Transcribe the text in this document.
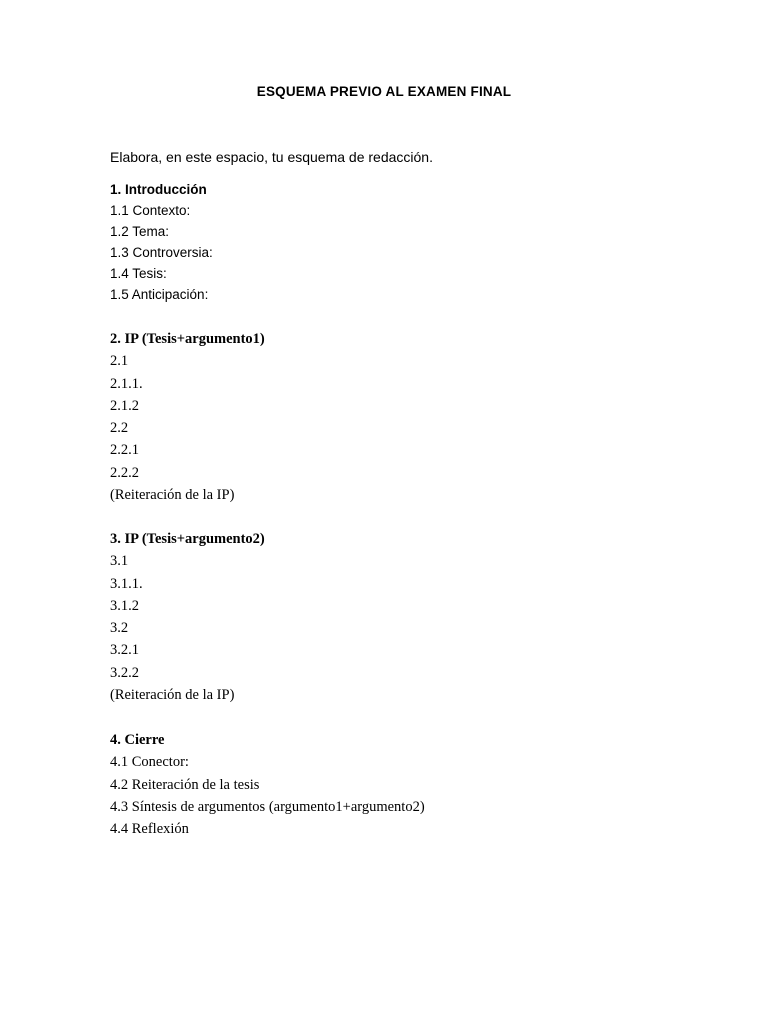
ESQUEMA PREVIO AL EXAMEN FINAL

Elabora, en este espacio, tu esquema de redacción.

1. Introducción
1.1 Contexto:
1.2 Tema:
1.3 Controversia:
1.4 Tesis:
1.5 Anticipación:
2. IP (Tesis+argumento1)
2.1
2.1.1.
2.1.2
2.2
2.2.1
2.2.2
(Reiteración de la IP)
3. IP (Tesis+argumento2)
3.1
3.1.1.
3.1.2
3.2
3.2.1
3.2.2
(Reiteración de la IP)
4. Cierre
4.1 Conector:
4.2 Reiteración de la tesis
4.3 Síntesis de argumentos (argumento1+argumento2)
4.4 Reflexión
